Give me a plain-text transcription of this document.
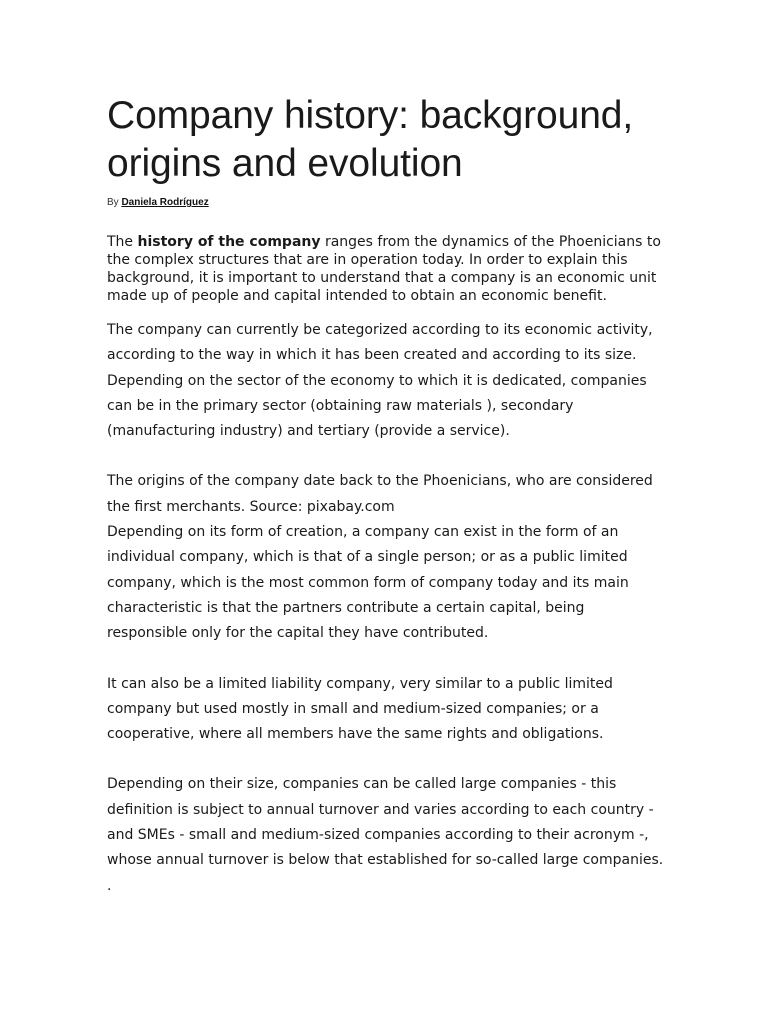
Company history: background, origins and evolution
By Daniela Rodríguez

The history of the company ranges from the dynamics of the Phoenicians to the complex structures that are in operation today. In order to explain this background, it is important to understand that a company is an economic unit made up of people and capital intended to obtain an economic benefit.

The company can currently be categorized according to its economic activity, according to the way in which it has been created and according to its size. Depending on the sector of the economy to which it is dedicated, companies can be in the primary sector (obtaining raw materials ), secondary (manufacturing industry) and tertiary (provide a service).

The origins of the company date back to the Phoenicians, who are considered the first merchants. Source: pixabay.com

Depending on its form of creation, a company can exist in the form of an individual company, which is that of a single person; or as a public limited company, which is the most common form of company today and its main characteristic is that the partners contribute a certain capital, being responsible only for the capital they have contributed.

It can also be a limited liability company, very similar to a public limited company but used mostly in small and medium-sized companies; or a cooperative, where all members have the same rights and obligations.

Depending on their size, companies can be called large companies - this definition is subject to annual turnover and varies according to each country - and SMEs - small and medium-sized companies according to their acronym -, whose annual turnover is below that established for so-called large companies. .
